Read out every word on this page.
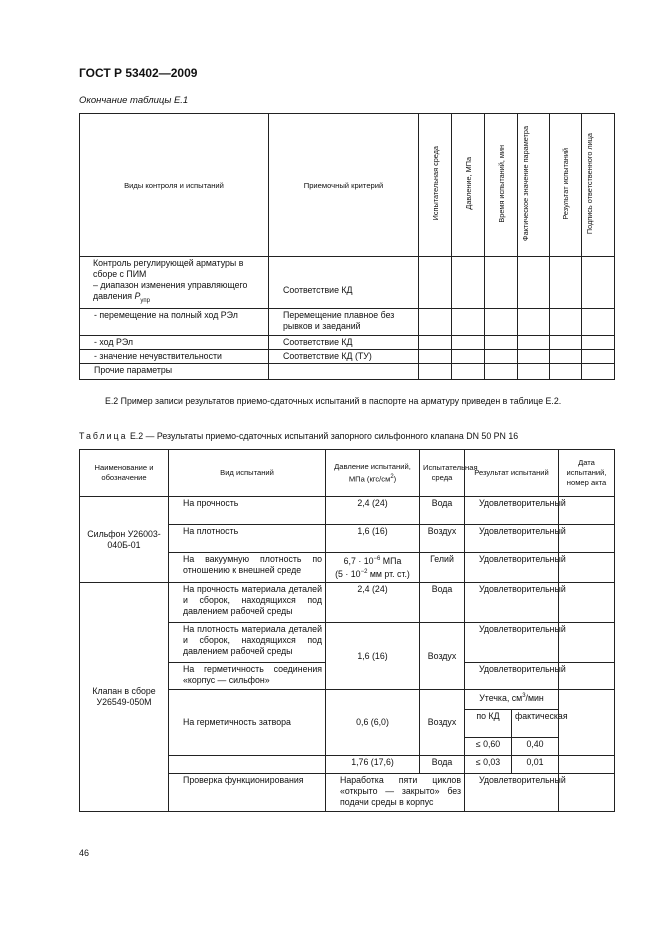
ГОСТ Р 53402—2009
Окончание таблицы Е.1
Виды контроля и испытаний	Приемочный критерий	Испытательная среда	Давление, МПа	Время испытаний, мин	Фактическое значение параметра	Результат испытаний	Подпись ответственного лица

Контроль регулирующей арматуры в сборе с ПИМ
– диапазон изменения управляющего давления $P_{упр}$	Соответствие КД						
- перемещение на полный ход РЭл	Перемещение плавное без рывков и заеданий						
- ход РЭл	Соответствие КД						
- значение нечувствительности	Соответствие КД (ТУ)						
Прочие параметры							
Е.2 Пример записи результатов приемо-сдаточных испытаний в паспорте на арматуру приведен в таблице Е.2.
Таблица Е.2 — Результаты приемо-сдаточных испытаний запорного сильфонного клапана DN 50 PN 16
Наименование и обозначение	Вид испытаний	Давление испытаний, МПа $(кгс/см^2)$	Испытательная среда	Результат испытаний		Дата испытаний, номер акта
Сильфон У26003-040Б-01	На прочность	2,4 (24)	Вода	Удовлетворительный		
	На плотность	1,6 (16)	Воздух	Удовлетворительный		
	На вакуумную плотность по отношению к внешней среде	$6,7 \cdot 10^{-6}$ МПа
($5 \cdot 10^{-2}$ мм рт. ст.)	Гелий	Удовлетворительный		
Клапан в сборе У26549-050М	На прочность материала деталей и сборок, находящихся под давлением рабочей среды	2,4 (24)	Вода	Удовлетворительный		
	На плотность материала деталей и сборок, находящихся под давлением рабочей среды	1,6 (16)	Воздух	Удовлетворительный		
	На герметичность соединения «корпус — сильфон»			Удовлетворительный		
	На герметичность затвора	0,6 (6,0)	Воздух	Утечка, $см^3$/мин		
				по КД	фактическая	
				≤ 0,60	0,40	
		1,76 (17,6)	Вода	≤ 0,03	0,01	
	Проверка функционирования	Наработка пяти циклов «открыто — закрыто» без подачи среды в корпус		Удовлетворительный		
46
